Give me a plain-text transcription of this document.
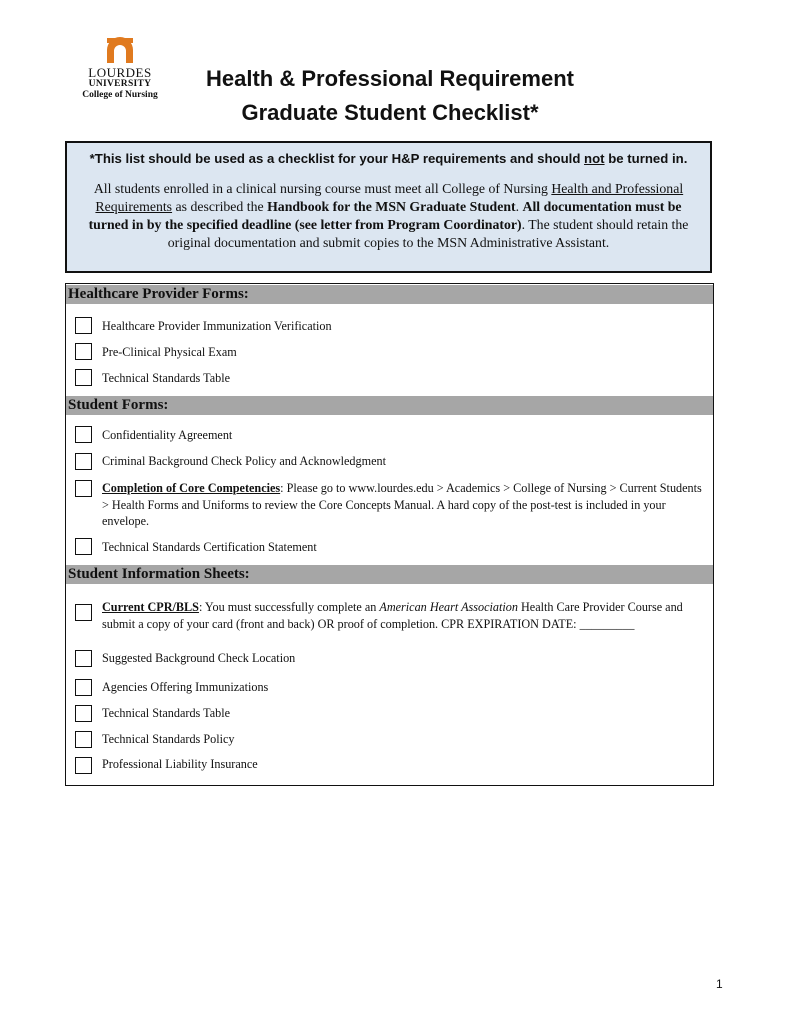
LOURDES
UNIVERSITY
College of Nursing
Health & Professional Requirement
Graduate Student Checklist*
*This list should be used as a checklist for your H&P requirements and should not be turned in.
All students enrolled in a clinical nursing course must meet all College of Nursing Health and Professional Requirements as described the Handbook for the MSN Graduate Student. All documentation must be turned in by the specified deadline (see letter from Program Coordinator). The student should retain the original documentation and submit copies to the MSN Administrative Assistant.
Healthcare Provider Forms:
Healthcare Provider Immunization Verification
Pre-Clinical Physical Exam
Technical Standards Table
Student Forms:
Confidentiality Agreement
Criminal Background Check Policy and Acknowledgment
Completion of Core Competencies: Please go to www.lourdes.edu > Academics > College of Nursing > Current Students > Health Forms and Uniforms to review the Core Concepts Manual. A hard copy of the post-test is included in your envelope.
Technical Standards Certification Statement
Student Information Sheets:
Current CPR/BLS: You must successfully complete an American Heart Association Health Care Provider Course and submit a copy of your card (front and back) OR proof of completion. CPR EXPIRATION DATE: _________
Suggested Background Check Location
Agencies Offering Immunizations
Technical Standards Table
Technical Standards Policy
Professional Liability Insurance
1
